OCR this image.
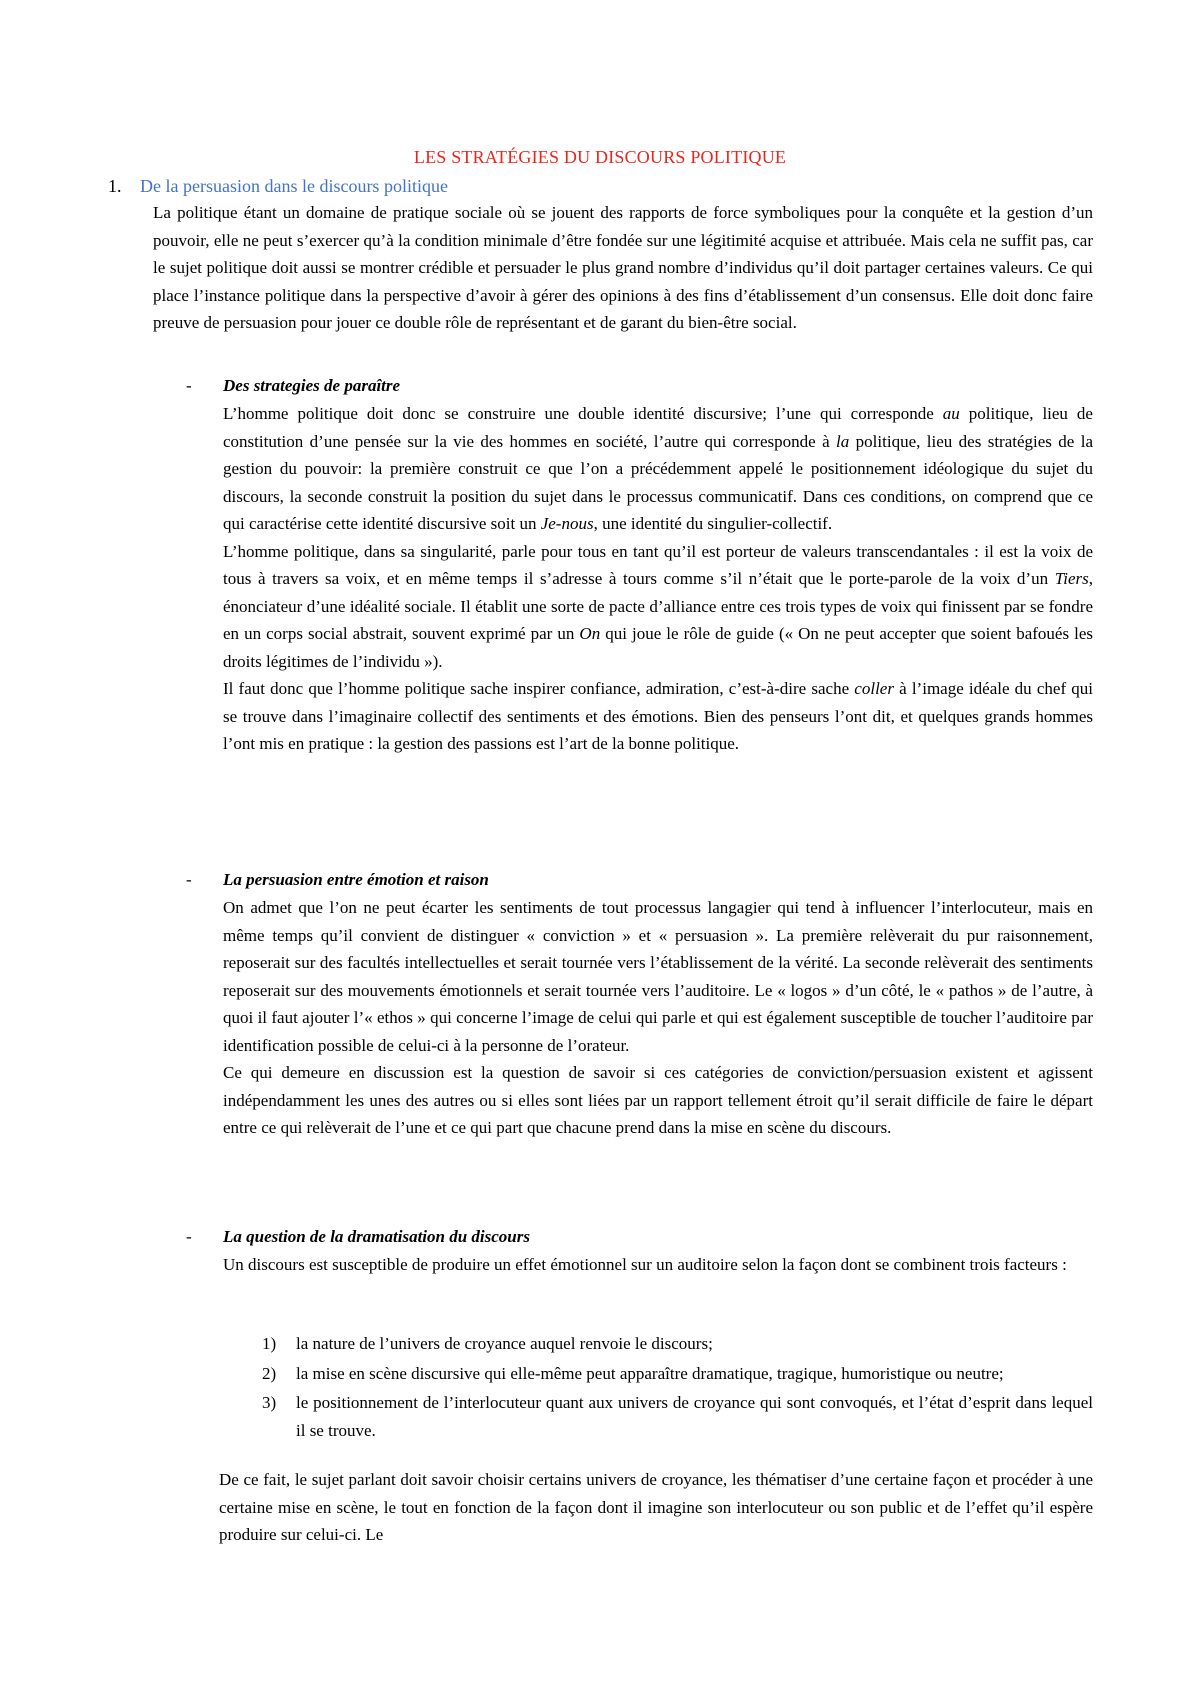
LES STRATÉGIES DU DISCOURS POLITIQUE
1. De la persuasion dans le discours politique

La politique étant un domaine de pratique sociale où se jouent des rapports de force symboliques pour la conquête et la gestion d’un pouvoir, elle ne peut s’exercer qu’à la condition minimale d’être fondée sur une légitimité acquise et attribuée. Mais cela ne suffit pas, car le sujet politique doit aussi se montrer crédible et persuader le plus grand nombre d’individus qu’il doit partager certaines valeurs. Ce qui place l’instance politique dans la perspective d’avoir à gérer des opinions à des fins d’établissement d’un consensus. Elle doit donc faire preuve de persuasion pour jouer ce double rôle de représentant et de garant du bien-être social.

- Des strategies de paraître

L’homme politique doit donc se construire une double identité discursive; l’une qui corresponde au politique, lieu de constitution d’une pensée sur la vie des hommes en société, l’autre qui corresponde à la politique, lieu des stratégies de la gestion du pouvoir: la première construit ce que l’on a précédemment appelé le positionnement idéologique du sujet du discours, la seconde construit la position du sujet dans le processus communicatif. Dans ces conditions, on comprend que ce qui caractérise cette identité discursive soit un Je-nous, une identité du singulier-collectif.

L’homme politique, dans sa singularité, parle pour tous en tant qu’il est porteur de valeurs transcendantales : il est la voix de tous à travers sa voix, et en même temps il s’adresse à tours comme s’il n’était que le porte-parole de la voix d’un Tiers, énonciateur d’une idéalité sociale. Il établit une sorte de pacte d’alliance entre ces trois types de voix qui finissent par se fondre en un corps social abstrait, souvent exprimé par un On qui joue le rôle de guide (« On ne peut accepter que soient bafoués les droits légitimes de l’individu »).

Il faut donc que l’homme politique sache inspirer confiance, admiration, c’est-à-dire sache coller à l’image idéale du chef qui se trouve dans l’imaginaire collectif des sentiments et des émotions. Bien des penseurs l’ont dit, et quelques grands hommes l’ont mis en pratique : la gestion des passions est l’art de la bonne politique.

- La persuasion entre émotion et raison

On admet que l’on ne peut écarter les sentiments de tout processus langagier qui tend à influencer l’interlocuteur, mais en même temps qu’il convient de distinguer « conviction » et « persuasion ». La première relèverait du pur raisonnement, reposerait sur des facultés intellectuelles et serait tournée vers l’établissement de la vérité. La seconde relèverait des sentiments reposerait sur des mouvements émotionnels et serait tournée vers l’auditoire. Le « logos » d’un côté, le « pathos » de l’autre, à quoi il faut ajouter l’« ethos » qui concerne l’image de celui qui parle et qui est également susceptible de toucher l’auditoire par identification possible de celui-ci à la personne de l’orateur.

Ce qui demeure en discussion est la question de savoir si ces catégories de conviction/persuasion existent et agissent indépendamment les unes des autres ou si elles sont liées par un rapport tellement étroit qu’il serait difficile de faire le départ entre ce qui relèverait de l’une et ce qui part que chacune prend dans la mise en scène du discours.

- La question de la dramatisation du discours

Un discours est susceptible de produire un effet émotionnel sur un auditoire selon la façon dont se combinent trois facteurs :

1) la nature de l’univers de croyance auquel renvoie le discours;
2) la mise en scène discursive qui elle-même peut apparaître dramatique, tragique, humoristique ou neutre;
3) le positionnement de l’interlocuteur quant aux univers de croyance qui sont convoqués, et l’état d’esprit dans lequel il se trouve.

De ce fait, le sujet parlant doit savoir choisir certains univers de croyance, les thématiser d’une certaine façon et procéder à une certaine mise en scène, le tout en fonction de la façon dont il imagine son interlocuteur ou son public et de l’effet qu’il espère produire sur celui-ci. Le
